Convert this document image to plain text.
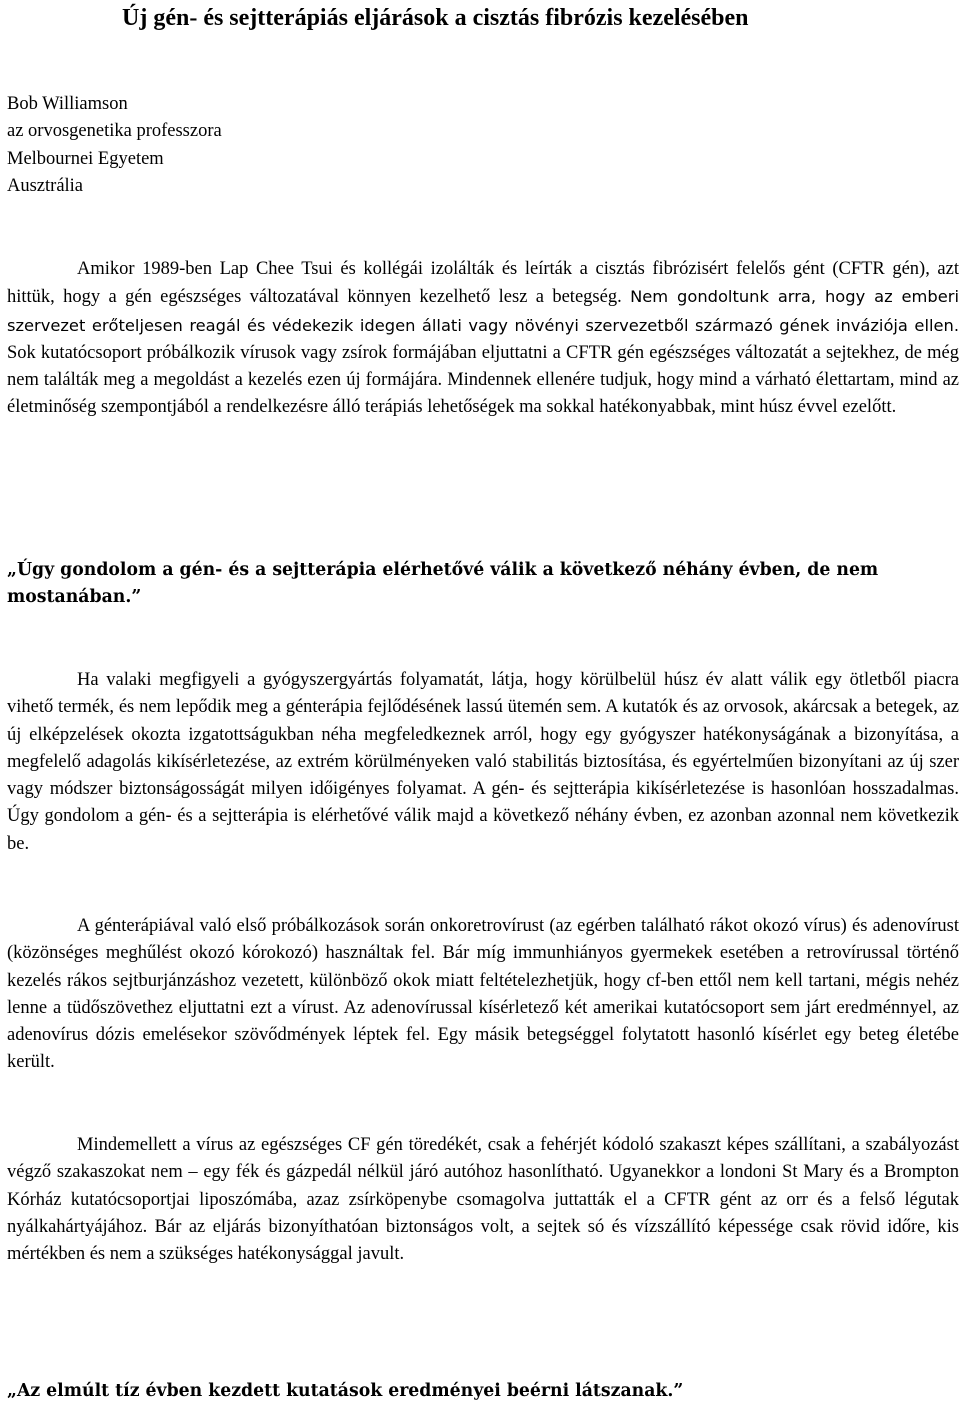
Új gén- és sejtterápiás eljárások a cisztás fibrózis kezelésében
Bob Williamson
az orvosgenetika professzora
Melbournei Egyetem
Ausztrália

Amikor 1989-ben Lap Chee Tsui és kollégái izolálták és leírták a cisztás fibrózisért felelős gént (CFTR gén), azt hittük, hogy a gén egészséges változatával könnyen kezelhető lesz a betegség. Nem gondoltunk arra, hogy az emberi szervezet erőteljesen reagál és védekezik idegen állati vagy növényi szervezetből származó gének inváziója ellen. Sok kutatócsoport próbálkozik vírusok vagy zsírok formájában eljuttatni a CFTR gén egészséges változatát a sejtekhez, de még nem találták meg a megoldást a kezelés ezen új formájára. Mindennek ellenére tudjuk, hogy mind a várható élettartam, mind az életminőség szempontjából a rendelkezésre álló terápiás lehetőségek ma sokkal hatékonyabbak, mint húsz évvel ezelőtt.

„Úgy gondolom a gén- és a sejtterápia elérhetővé válik a következő néhány évben, de nem mostanában.”

Ha valaki megfigyeli a gyógyszergyártás folyamatát, látja, hogy körülbelül húsz év alatt válik egy ötletből piacra vihető termék, és nem lepődik meg a génterápia fejlődésének lassú ütemén sem. A kutatók és az orvosok, akárcsak a betegek, az új elképzelések okozta izgatottságukban néha megfeledkeznek arról, hogy egy gyógyszer hatékonyságának a bizonyítása, a megfelelő adagolás kikísérletezése, az extrém körülményeken való stabilitás biztosítása, és egyértelműen bizonyítani az új szer vagy módszer biztonságosságát milyen időigényes folyamat. A gén- és sejtterápia kikísérletezése is hasonlóan hosszadalmas. Úgy gondolom a gén- és a sejtterápia is elérhetővé válik majd a következő néhány évben, ez azonban azonnal nem következik be.

A génterápiával való első próbálkozások során onkoretrovírust (az egérben található rákot okozó vírus) és adenovírust (közönséges meghűlést okozó kórokozó) használtak fel. Bár míg immunhiányos gyermekek esetében a retrovírussal történő kezelés rákos sejtburjánzáshoz vezetett, különböző okok miatt feltételezhetjük, hogy cf-ben ettől nem kell tartani, mégis nehéz lenne a tüdőszövethez eljuttatni ezt a vírust. Az adenovírussal kísérletező két amerikai kutatócsoport sem járt eredménnyel, az adenovírus dózis emelésekor szövődmények léptek fel. Egy másik betegséggel folytatott hasonló kísérlet egy beteg életébe került.

Mindemellett a vírus az egészséges CF gén töredékét, csak a fehérjét kódoló szakaszt képes szállítani, a szabályozást végző szakaszokat nem – egy fék és gázpedál nélkül járó autóhoz hasonlítható. Ugyanekkor a londoni St Mary és a Brompton Kórház kutatócsoportjai liposzómába, azaz zsírköpenybe csomagolva juttatták el a CFTR gént az orr és a felső légutak nyálkahártyájához. Bár az eljárás bizonyíthatóan biztonságos volt, a sejtek só és vízszállító képessége csak rövid időre, kis mértékben és nem a szükséges hatékonysággal javult.

„Az elmúlt tíz évben kezdett kutatások eredményei beérni látszanak.”
